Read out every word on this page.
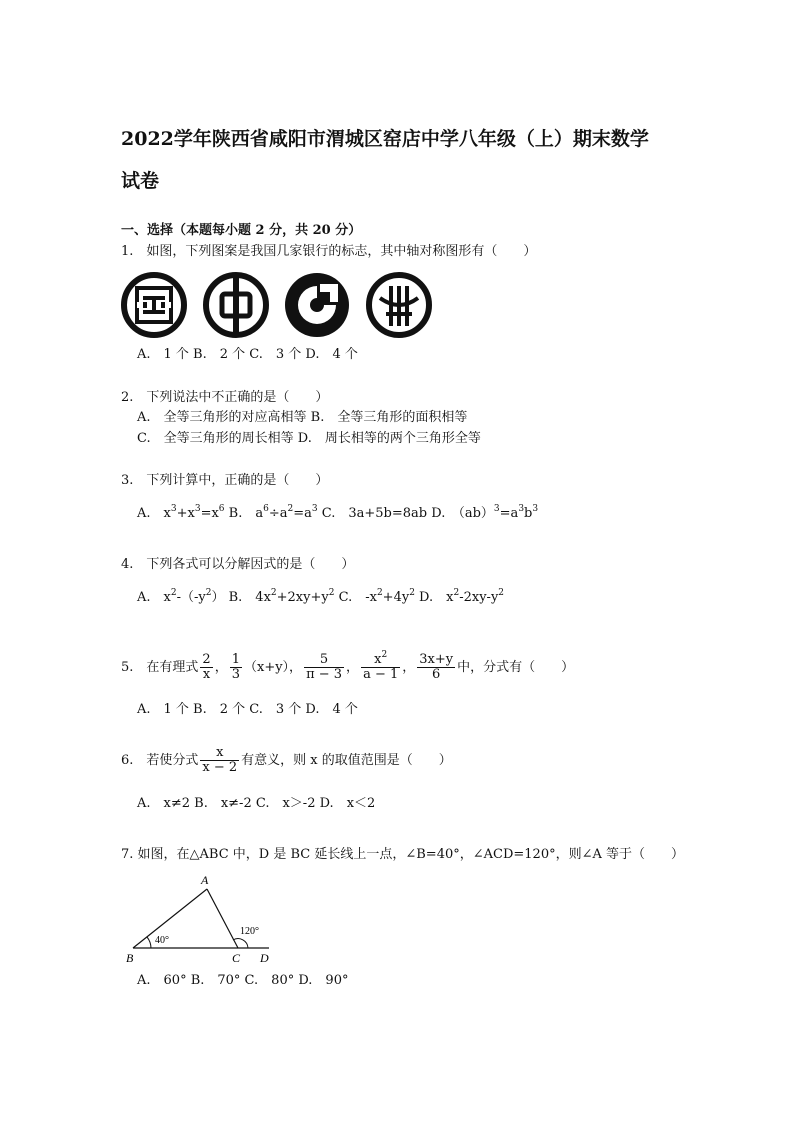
2022学年陕西省咸阳市渭城区窑店中学八年级（上）期末数学
试卷
一、选择（本题每小题 2 分，共 20 分）
1.　如图，下列图案是我国几家银行的标志，其中轴对称图形有（　　）
A.　1 个 B.　2 个 C.　3 个 D.　4 个
2.　下列说法中不正确的是（　　）
A.　全等三角形的对应高相等 B.　全等三角形的面积相等
C.　全等三角形的周长相等 D.　周长相等的两个三角形全等
3.　下列计算中，正确的是（　　）
A.　$x^3+x^3=x^6$ B.　$a^6\div a^2=a^3$ C.　3a+5b=8ab D.　$(ab)^3=a^3b^3$
4.　下列各式可以分解因式的是（　　）
A.　$x^2-(-y^2)$ B.　$4x^2+2xy+y^2$ C.　$-x^2+4y^2$ D.　$x^2-2xy-y^2$
5.　在有理式 $\frac{2}{x}$ ， $\frac{1}{3} (x+y)$， $\frac{5}{\pi - 3}$ ， $\frac{x^2}{a - 1}$ ， $\frac{3x+y}{6}$ 中，分式有（　　）
A.　1 个 B.　2 个 C.　3 个 D.　4 个
6.　若使分式 $\frac{x}{x - 2}$ 有意义，则 x 的取值范围是（　　）
A.　x≠2 B.　x≠-2 C.　x＞-2 D.　x＜2
7. 如图，在△ABC 中，D 是 BC 延长线上一点，∠B=40°，∠ACD=120°，则∠A 等于（　　）
A
B	C D
40°
120°
A.　60° B.　70° C.　80° D.　90°
